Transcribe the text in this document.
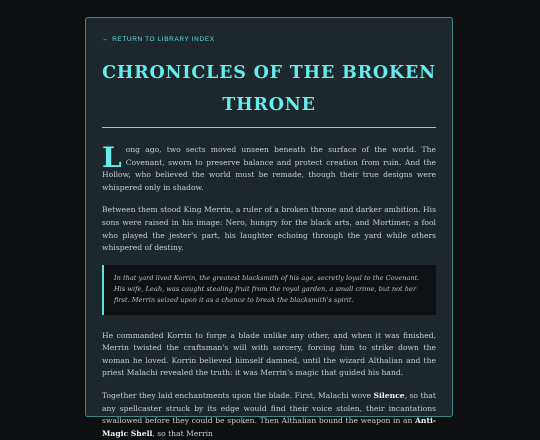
← RETURN TO LIBRARY INDEX
CHRONICLES OF THE BROKEN THRONE

Long ago, two sects moved unseen beneath the surface of the world. The Covenant, sworn to preserve balance and protect creation from ruin. And the Hollow, who believed the world must be remade, though their true designs were whispered only in shadow.

Between them stood King Merrin, a ruler of a broken throne and darker ambition. His sons were raised in his image: Nero, hungry for the black arts, and Mortimer, a fool who played the jester's part, his laughter echoing through the yard while others whispered of destiny.

In that yard lived Korrin, the greatest blacksmith of his age, secretly loyal to the Covenant. His wife, Leah, was caught stealing fruit from the royal garden, a small crime, but not her first. Merrin seized upon it as a chance to break the blacksmith's spirit.

He commanded Korrin to forge a blade unlike any other, and when it was finished, Merrin twisted the craftsman's will with sorcery, forcing him to strike down the woman he loved. Korrin believed himself damned, until the wizard Althalian and the priest Malachi revealed the truth: it was Merrin's magic that guided his hand.

Together they laid enchantments upon the blade. First, Malachi wove Silence, so that any spellcaster struck by its edge would find their voice stolen, their incantations swallowed before they could be spoken. Then Althalian bound the weapon in an Anti-Magic Shell, so that Merrin
